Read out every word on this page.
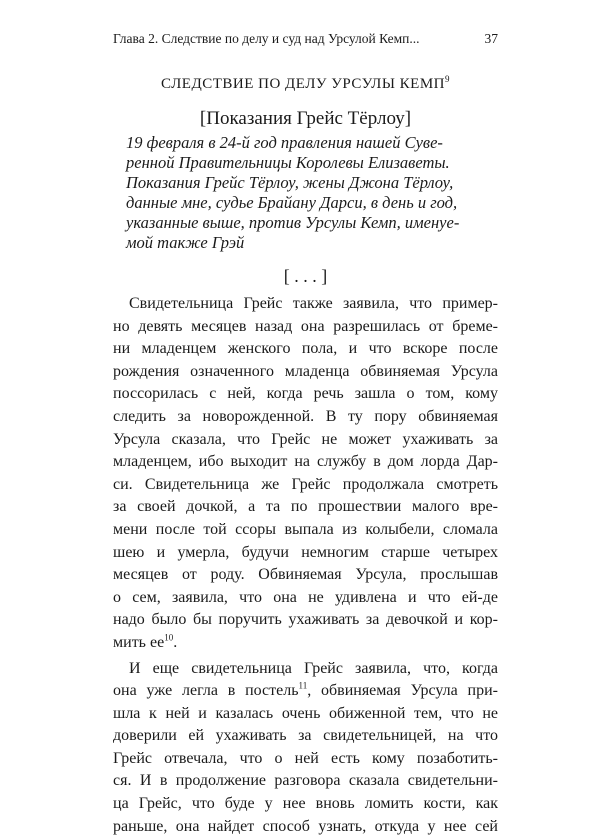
Глава 2. Следствие по делу и суд над Урсулой Кемп...	37
СЛЕДСТВИЕ ПО ДЕЛУ УРСУЛЫ КЕМП$^9$
[Показания Грейс Тёрлоу]
19 февраля в 24-й год правления нашей Суве-
ренной Правительницы Королевы Елизаветы.
Показания Грейс Тёрлоу, жены Джона Тёрлоу,
данные мне, судье Брайану Дарси, в день и год,
указанные выше, против Урсулы Кемп, именуе-
мой также Грэй
[ . . . ]
Свидетельница Грейс также заявила, что пример-
но девять месяцев назад она разрешилась от бреме-
ни младенцем женского пола, и что вскоре после
рождения означенного младенца обвиняемая Урсула
поссорилась с ней, когда речь зашла о том, кому
следить за новорожденной. В ту пору обвиняемая
Урсула сказала, что Грейс не может ухаживать за
младенцем, ибо выходит на службу в дом лорда Дар-
си. Свидетельница же Грейс продолжала смотреть
за своей дочкой, а та по прошествии малого вре-
мени после той ссоры выпала из колыбели, сломала
шею и умерла, будучи немногим старше четырех
месяцев от роду. Обвиняемая Урсула, прослышав
о сем, заявила, что она не удивлена и что ей-де
надо было бы поручить ухаживать за девочкой и кор-
мить ее$^{10}$.
И еще свидетельница Грейс заявила, что, когда
она уже легла в постель$^{11}$, обвиняемая Урсула при-
шла к ней и казалась очень обиженной тем, что не
доверили ей ухаживать за свидетельницей, на что
Грейс отвечала, что о ней есть кому позаботить-
ся. И в продолжение разговора сказала свидетельни-
ца Грейс, что буде у нее вновь ломить кости, как
раньше, она найдет способ узнать, откуда у нее сей
